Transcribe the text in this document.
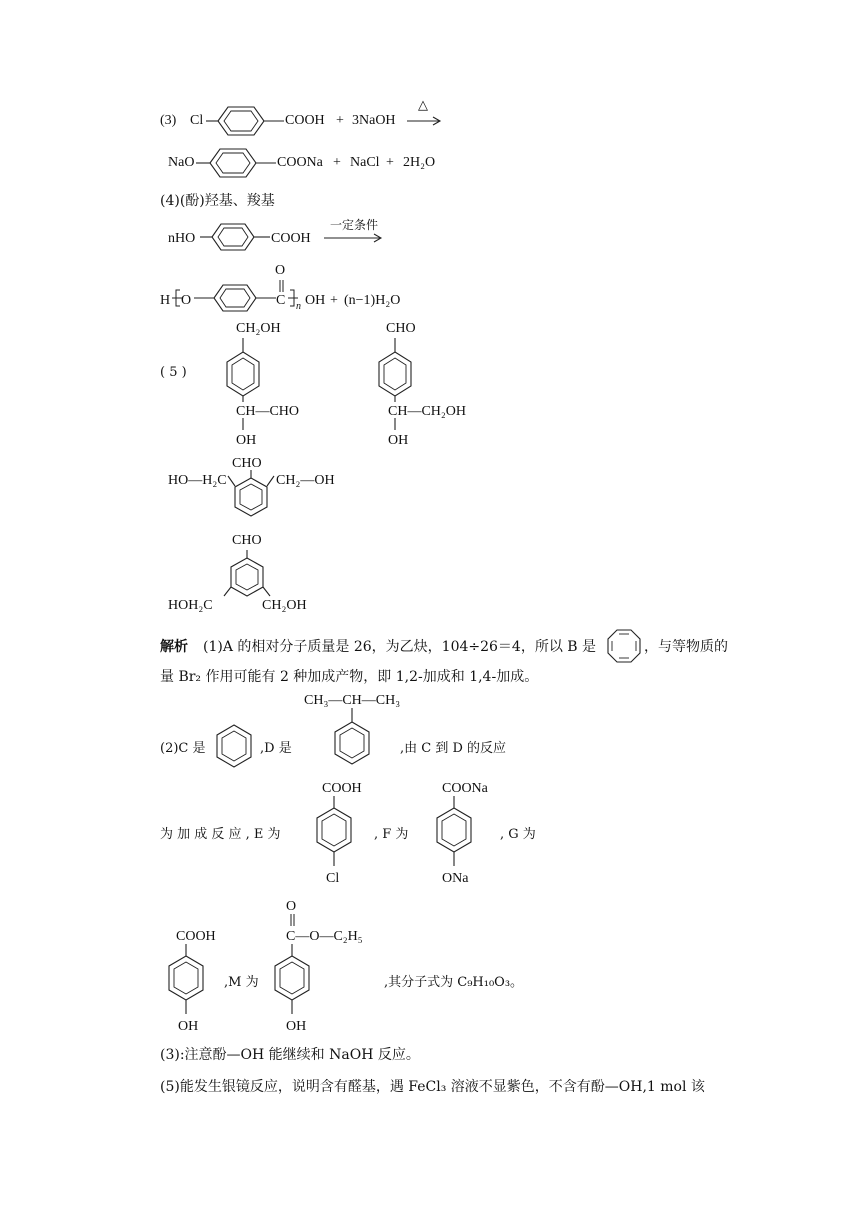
(3) Cl	COOH + 3NaOH
△
NaO	COONa + NaCl + 2H₂O
(4)(酚)羟基、羧基
nHO	COOH
一定条件
H O
O
C n OH + (n−1)H₂O
( 5 )
CH₂OH
CH—CHO
OH
CHO
CH—CH₂OH
OH
CHO
HO—H₂C	CH₂—OH
CHO
HOH₂C	CH₂OH
解析 (1)A 的相对分子质量是 26，为乙炔，104÷26＝4，所以 B 是	，与等物质的
量 Br₂ 作用可能有 2 种加成产物，即 1,2-加成和 1,4-加成。
CH₃—CH—CH₃
(2)C 是	,D 是	,由 C 到 D 的反应
COOH
Cl
为 加 成 反 应 , E 为
COONa
ONa
, F 为	, G 为
COOH
OH
,M 为
O
C—O—C₂H₅
OH
,其分子式为 C₉H₁₀O₃。
(3):注意酚—OH 能继续和 NaOH 反应。
(5)能发生银镜反应，说明含有醛基，遇 FeCl₃ 溶液不显紫色，不含有酚—OH,1 mol 该
